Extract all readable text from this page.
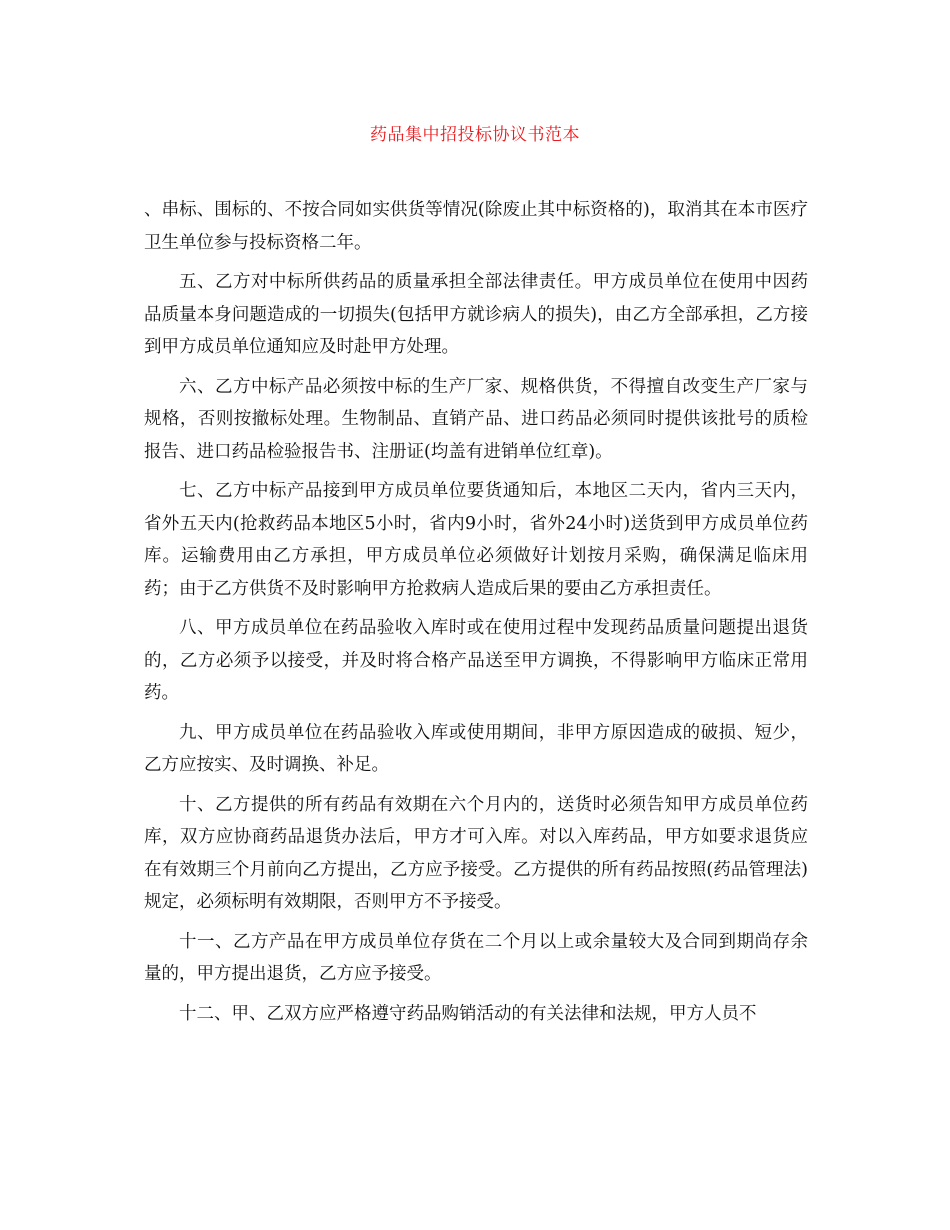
药品集中招投标协议书范本

、串标、围标的、不按合同如实供货等情况(除废止其中标资格的)，取消其在本市医疗卫生单位参与投标资格二年。

五、乙方对中标所供药品的质量承担全部法律责任。甲方成员单位在使用中因药品质量本身问题造成的一切损失(包括甲方就诊病人的损失)，由乙方全部承担，乙方接到甲方成员单位通知应及时赴甲方处理。

六、乙方中标产品必须按中标的生产厂家、规格供货，不得擅自改变生产厂家与规格，否则按撤标处理。生物制品、直销产品、进口药品必须同时提供该批号的质检报告、进口药品检验报告书、注册证(均盖有进销单位红章)。

七、乙方中标产品接到甲方成员单位要货通知后，本地区二天内，省内三天内，省外五天内(抢救药品本地区5小时，省内9小时，省外24小时)送货到甲方成员单位药库。运输费用由乙方承担，甲方成员单位必须做好计划按月采购，确保满足临床用药；由于乙方供货不及时影响甲方抢救病人造成后果的要由乙方承担责任。

八、甲方成员单位在药品验收入库时或在使用过程中发现药品质量问题提出退货的，乙方必须予以接受，并及时将合格产品送至甲方调换，不得影响甲方临床正常用药。

九、甲方成员单位在药品验收入库或使用期间，非甲方原因造成的破损、短少，乙方应按实、及时调换、补足。

十、乙方提供的所有药品有效期在六个月内的，送货时必须告知甲方成员单位药库，双方应协商药品退货办法后，甲方才可入库。对以入库药品，甲方如要求退货应在有效期三个月前向乙方提出，乙方应予接受。乙方提供的所有药品按照(药品管理法)规定，必须标明有效期限，否则甲方不予接受。

十一、乙方产品在甲方成员单位存货在二个月以上或余量较大及合同到期尚存余量的，甲方提出退货，乙方应予接受。

十二、甲、乙双方应严格遵守药品购销活动的有关法律和法规，甲方人员不
